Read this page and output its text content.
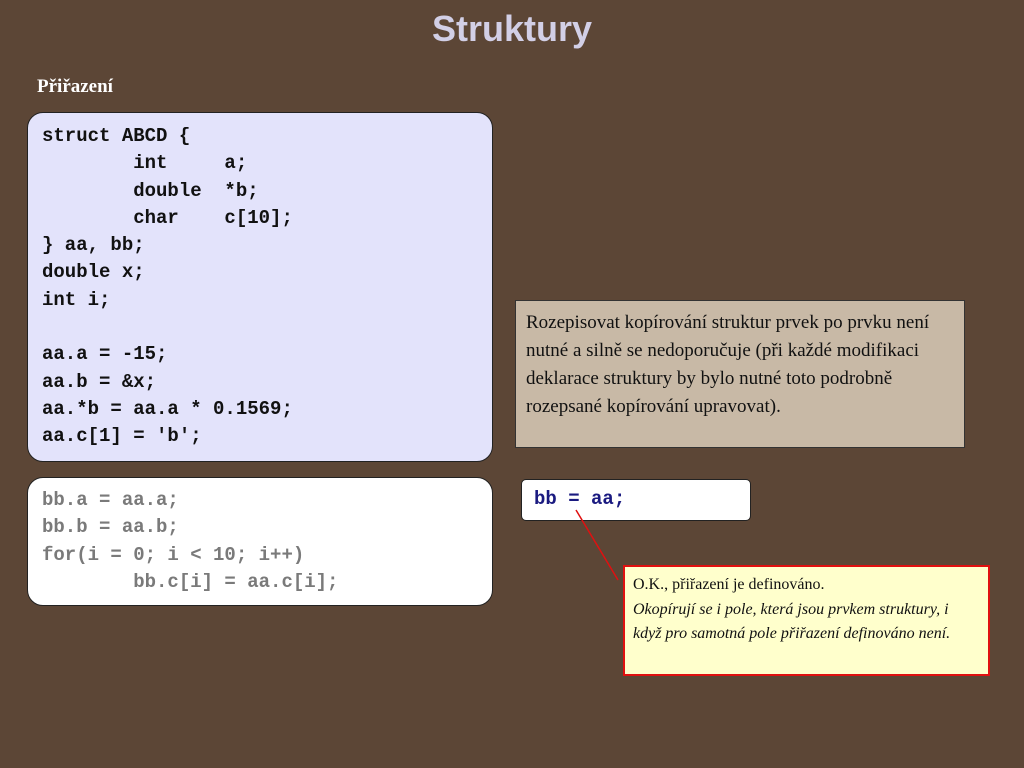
Struktury
Přiřazení
struct ABCD {
int     a;
double  *b;
char    c[10];
} aa, bb;
double x;
int i;
aa.a = -15;
aa.b = &x;
aa.*b = aa.a * 0.1569;
aa.c[1] = 'b';
bb.a = aa.a;
bb.b = aa.b;
for(i = 0; i < 10; i++)
bb.c[i] = aa.c[i];
Rozepisovat kopírování struktur prvek po prvku není nutné a silně se nedoporučuje (při každé modifikaci deklarace struktury by bylo nutné toto podrobně rozepsané kopírování upravovat).
bb = aa;
O.K., přiřazení je definováno.
Okopírují se i pole, která jsou prvkem struktury, i když pro samotná pole přiřazení definováno není.
